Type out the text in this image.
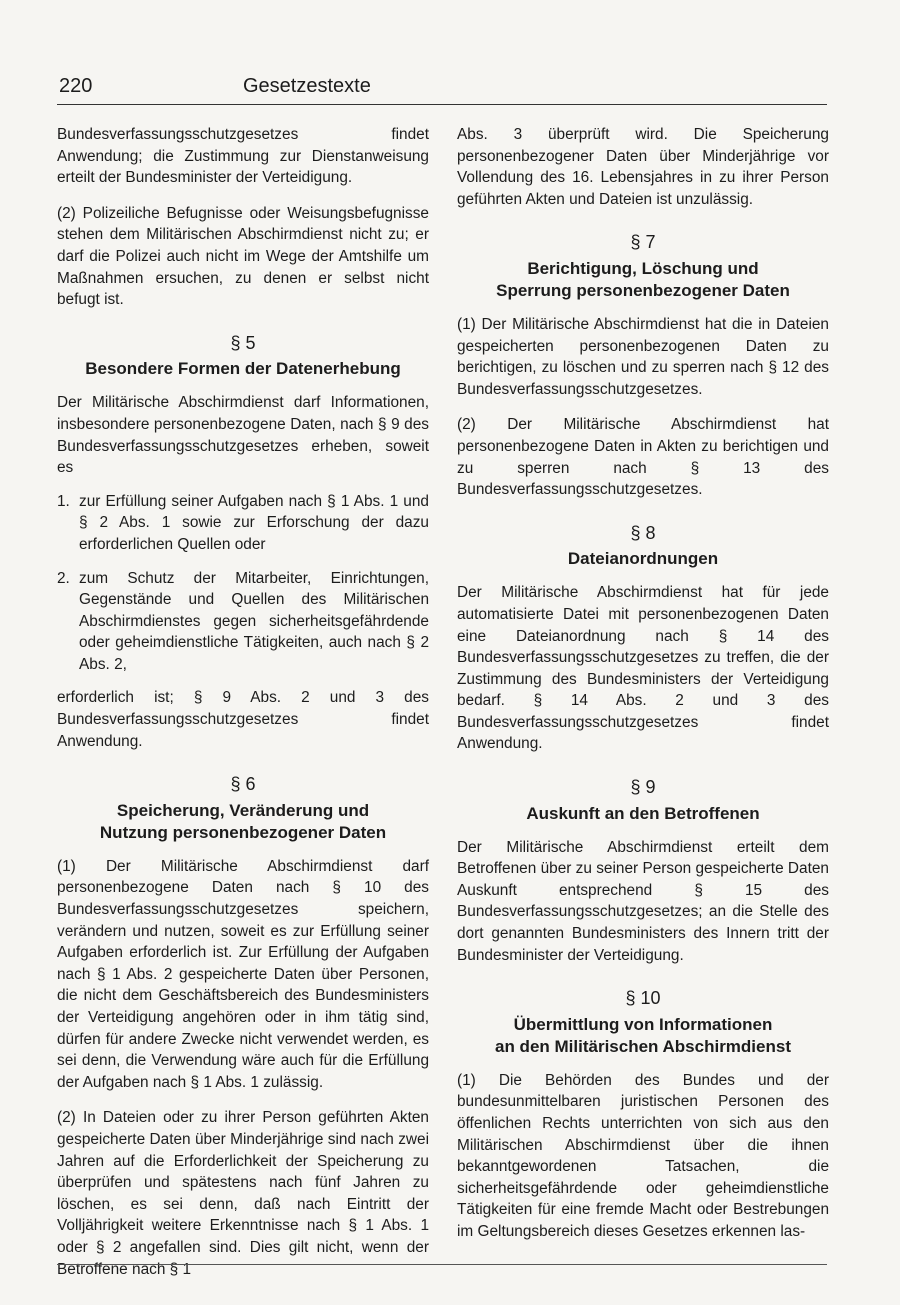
220	Gesetzestexte

Bundesverfassungsschutzgesetzes findet Anwendung; die Zustimmung zur Dienstanweisung erteilt der Bundesminister der Verteidigung.

(2) Polizeiliche Befugnisse oder Weisungsbefugnisse stehen dem Militärischen Abschirmdienst nicht zu; er darf die Polizei auch nicht im Wege der Amtshilfe um Maßnahmen ersuchen, zu denen er selbst nicht befugt ist.

§ 5
Besondere Formen der Datenerhebung

Der Militärische Abschirmdienst darf Informationen, insbesondere personenbezogene Daten, nach § 9 des Bundesverfassungsschutzgesetzes erheben, soweit es

1. zur Erfüllung seiner Aufgaben nach § 1 Abs. 1 und § 2 Abs. 1 sowie zur Erforschung der dazu erforderlichen Quellen oder
2. zum Schutz der Mitarbeiter, Einrichtungen, Gegenstände und Quellen des Militärischen Abschirmdienstes gegen sicherheitsgefährdende oder geheimdienstliche Tätigkeiten, auch nach § 2 Abs. 2,

erforderlich ist; § 9 Abs. 2 und 3 des Bundesverfassungsschutzgesetzes findet Anwendung.

§ 6
Speicherung, Veränderung und
Nutzung personenbezogener Daten

(1) Der Militärische Abschirmdienst darf personenbezogene Daten nach § 10 des Bundesverfassungsschutzgesetzes speichern, verändern und nutzen, soweit es zur Erfüllung seiner Aufgaben erforderlich ist. Zur Erfüllung der Aufgaben nach § 1 Abs. 2 gespeicherte Daten über Personen, die nicht dem Geschäftsbereich des Bundesministers der Verteidigung angehören oder in ihm tätig sind, dürfen für andere Zwecke nicht verwendet werden, es sei denn, die Verwendung wäre auch für die Erfüllung der Aufgaben nach § 1 Abs. 1 zulässig.

(2) In Dateien oder zu ihrer Person geführten Akten gespeicherte Daten über Minderjährige sind nach zwei Jahren auf die Erforderlichkeit der Speicherung zu überprüfen und spätestens nach fünf Jahren zu löschen, es sei denn, daß nach Eintritt der Volljährigkeit weitere Erkenntnisse nach § 1 Abs. 1 oder § 2 angefallen sind. Dies gilt nicht, wenn der Betroffene nach § 1

Abs. 3 überprüft wird. Die Speicherung personenbezogener Daten über Minderjährige vor Vollendung des 16. Lebensjahres in zu ihrer Person geführten Akten und Dateien ist unzulässig.

§ 7
Berichtigung, Löschung und
Sperrung personenbezogener Daten

(1) Der Militärische Abschirmdienst hat die in Dateien gespeicherten personenbezogenen Daten zu berichtigen, zu löschen und zu sperren nach § 12 des Bundesverfassungsschutzgesetzes.

(2) Der Militärische Abschirmdienst hat personenbezogene Daten in Akten zu berichtigen und zu sperren nach § 13 des Bundesverfassungsschutzgesetzes.

§ 8
Dateianordnungen

Der Militärische Abschirmdienst hat für jede automatisierte Datei mit personenbezogenen Daten eine Dateianordnung nach § 14 des Bundesverfassungsschutzgesetzes zu treffen, die der Zustimmung des Bundesministers der Verteidigung bedarf. § 14 Abs. 2 und 3 des Bundesverfassungsschutzgesetzes findet Anwendung.

§ 9
Auskunft an den Betroffenen

Der Militärische Abschirmdienst erteilt dem Betroffenen über zu seiner Person gespeicherte Daten Auskunft entsprechend § 15 des Bundesverfassungsschutzgesetzes; an die Stelle des dort genannten Bundesministers des Innern tritt der Bundesminister der Verteidigung.

§ 10
Übermittlung von Informationen
an den Militärischen Abschirmdienst

(1) Die Behörden des Bundes und der bundesunmittelbaren juristischen Personen des öffenlichen Rechts unterrichten von sich aus den Militärischen Abschirmdienst über die ihnen bekanntgewordenen Tatsachen, die sicherheitsgefährdende oder geheimdienstliche Tätigkeiten für eine fremde Macht oder Bestrebungen im Geltungsbereich dieses Gesetzes erkennen las-
